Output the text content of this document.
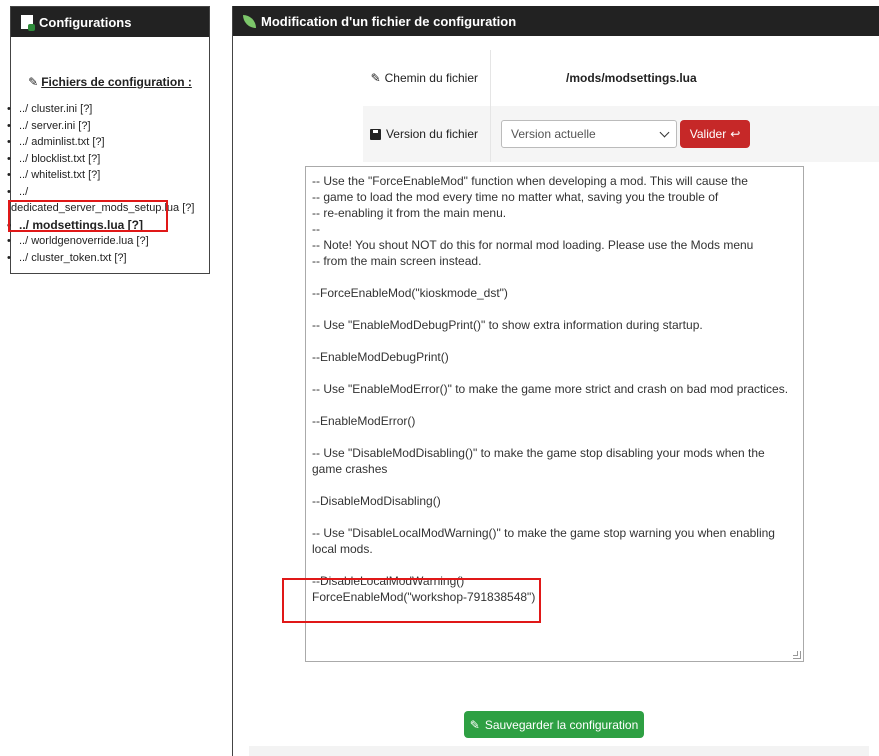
Configurations
✎ Fichiers de configuration :
• ../ cluster.ini [?]
• ../ server.ini [?]
• ../ adminlist.txt [?]
• ../ blocklist.txt [?]
• ../ whitelist.txt [?]
• ../
dedicated_server_mods_setup.lua [?]
• ../ modsettings.lua [?]
• ../ worldgenoverride.lua [?]
• ../ cluster_token.txt [?]
Modification d'un fichier de configuration
✎ Chemin du fichier	/mods/modsettings.lua
Version du fichier	Version actuelle	Valider ↩
-- Use the "ForceEnableMod" function when developing a mod. This will cause the
-- game to load the mod every time no matter what, saving you the trouble of
-- re-enabling it from the main menu.
--
-- Note! You shout NOT do this for normal mod loading. Please use the Mods menu
-- from the main screen instead.

--ForceEnableMod("kioskmode_dst")

-- Use "EnableModDebugPrint()" to show extra information during startup.

--EnableModDebugPrint()

-- Use "EnableModError()" to make the game more strict and crash on bad mod practices.

--EnableModError()

-- Use "DisableModDisabling()" to make the game stop disabling your mods when the game crashes

--DisableModDisabling()

-- Use "DisableLocalModWarning()" to make the game stop warning you when enabling local mods.

--DisableLocalModWarning()
ForceEnableMod("workshop-791838548")
✎ Sauvegarder la configuration
